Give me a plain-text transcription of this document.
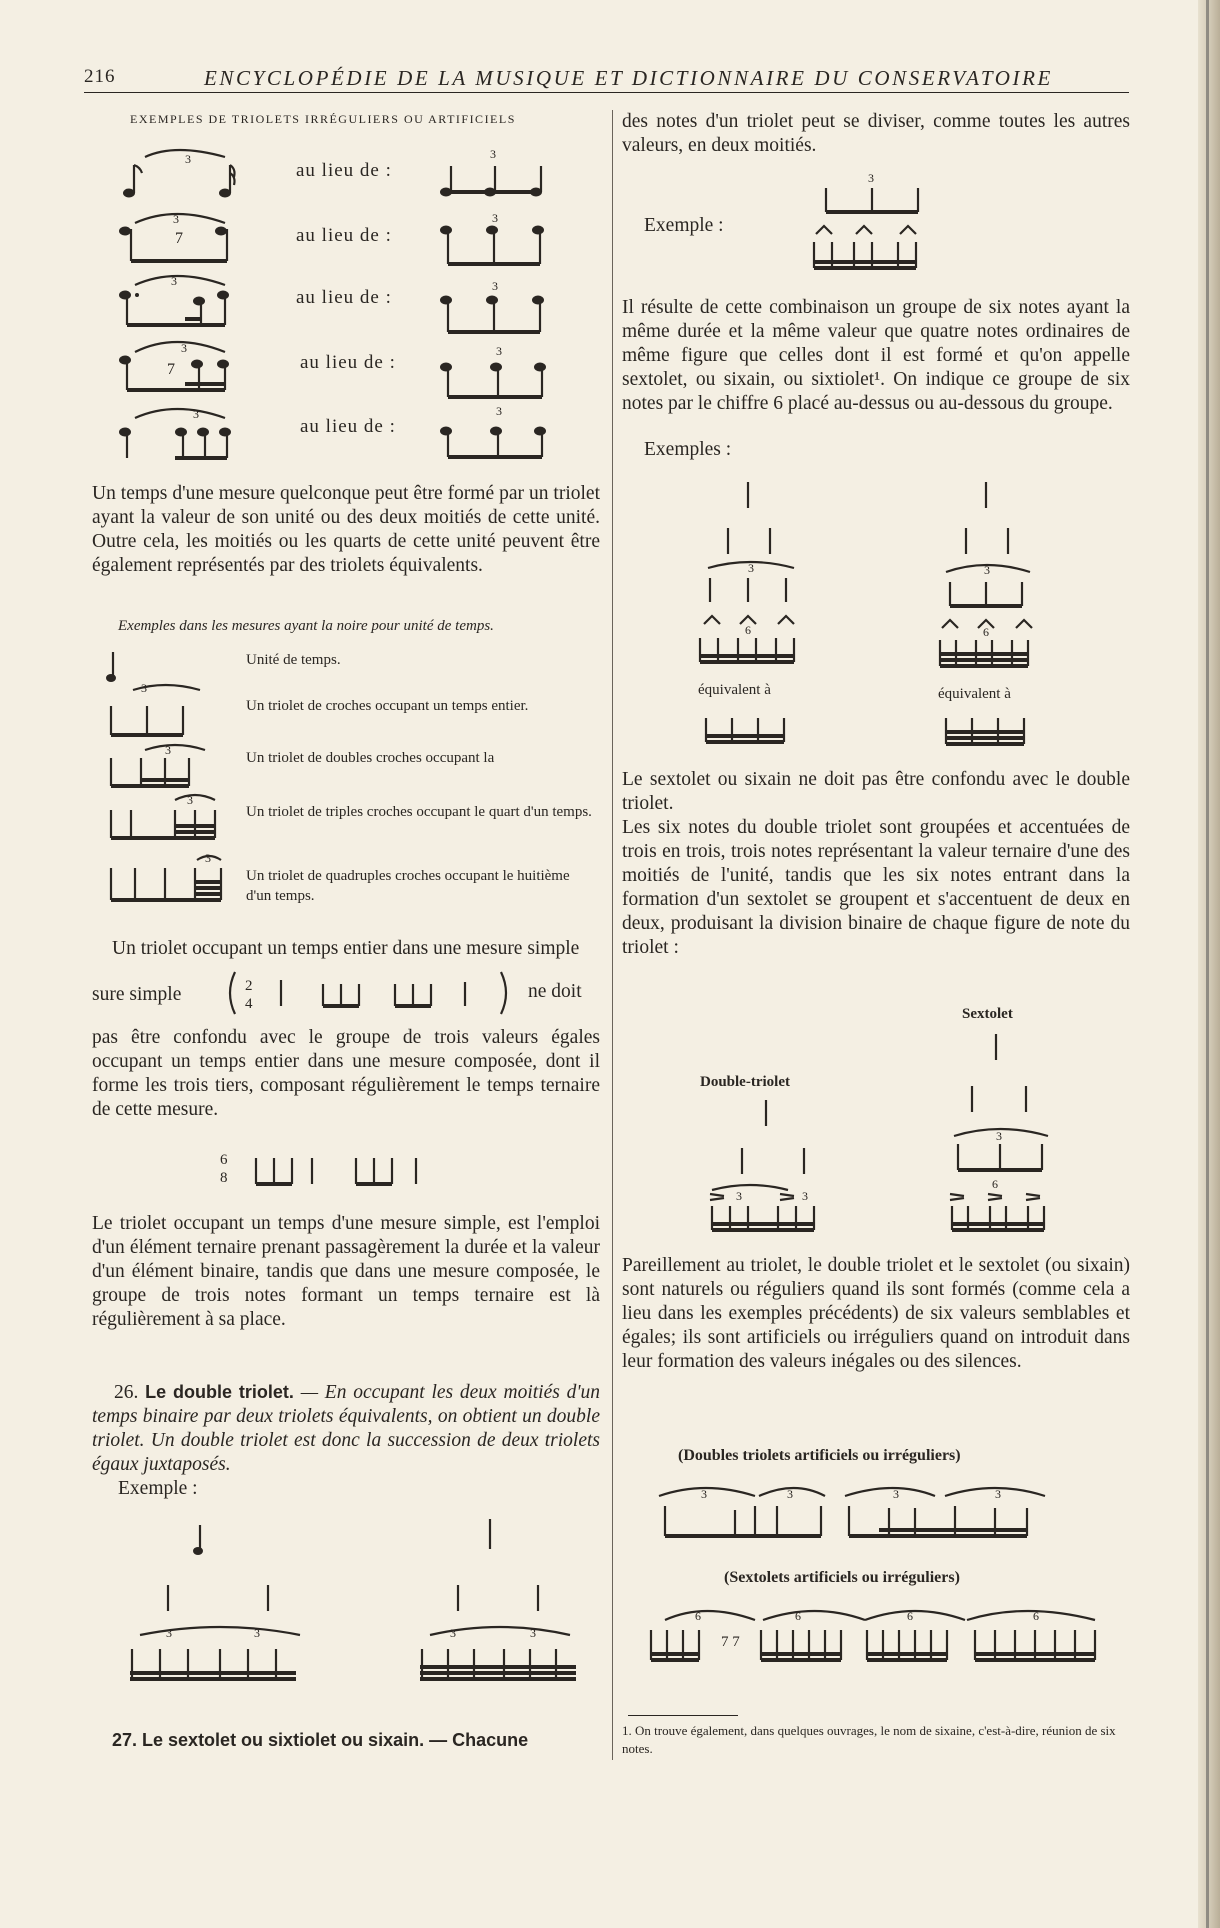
216	ENCYCLOPÉDIE DE LA MUSIQUE ET DICTIONNAIRE DU CONSERVATOIRE
EXEMPLES DE TRIOLETS IRRÉGULIERS OU ARTIFICIELS
3
au lieu de :
3
3
7	au lieu de :
3
3
au lieu de :
3
3
7	au lieu de :
3
3
au lieu de :
3
Un temps d'une mesure quelconque peut être formé par un triolet ayant la valeur de son unité ou des deux moitiés de cette unité. Outre cela, les moitiés ou les quarts de cette unité peuvent être également représentés par des triolets équivalents.
Exemples dans les mesures ayant la noire pour unité de temps.
3
3
3
3
Unité de temps.
Un triolet de croches occupant un temps entier.
Un triolet de doubles croches occupant la
Un triolet de triples croches occupant le quart d'un temps.
Un triolet de quadruples croches occupant le huitième d'un temps.
Un triolet occupant un temps entier dans une mesure simple
2
4
sure simple	ne doit
pas être confondu avec le groupe de trois valeurs égales occupant un temps entier dans une mesure composée, dont il forme les trois tiers, composant régulièrement le temps ternaire de cette mesure.
6
8
Le triolet occupant un temps d'une mesure simple, est l'emploi d'un élément ternaire prenant passagèrement la durée et la valeur d'un élément binaire, tandis que dans une mesure composée, le groupe de trois notes formant un temps ternaire est là régulièrement à sa place.
26. Le double triolet. — En occupant les deux moitiés d'un temps binaire par deux triolets équivalents, on obtient un double triolet. Un double triolet est donc la succession de deux triolets égaux juxtaposés.
Exemple :
3	3	3	3
27. Le sextolet ou sixtiolet ou sixain. — Chacune
des notes d'un triolet peut se diviser, comme toutes les autres valeurs, en deux moitiés.
Exemple :
3
Il résulte de cette combinaison un groupe de six notes ayant la même durée et la même valeur que quatre notes ordinaires de même figure que celles dont il est formé et qu'on appelle sextolet, ou sixain, ou sixtiolet¹. On indique ce groupe de six notes par le chiffre 6 placé au-dessus ou au-dessous du groupe.
Exemples :
3
6
3
6
équivalent à	équivalent à
Le sextolet ou sixain ne doit pas être confondu avec le double triolet.
Les six notes du double triolet sont groupées et accentuées de trois en trois, trois notes représentant la valeur ternaire d'une des moitiés de l'unité, tandis que les six notes entrant dans la formation d'un sextolet se groupent et s'accentuent de deux en deux, produisant la division binaire de chaque figure de note du triolet :
Sextolet
Double-triolet
3	3
3
6
Pareillement au triolet, le double triolet et le sextolet (ou sixain) sont naturels ou réguliers quand ils sont formés (comme cela a lieu dans les exemples précédents) de six valeurs semblables et égales; ils sont artificiels ou irréguliers quand on introduit dans leur formation des valeurs inégales ou des silences.
(Doubles triolets artificiels ou irréguliers)
3	3	3	3
(Sextolets artificiels ou irréguliers)
6	6	6	6
7 7
1. On trouve également, dans quelques ouvrages, le nom de sixaine, c'est-à-dire, réunion de six notes.
